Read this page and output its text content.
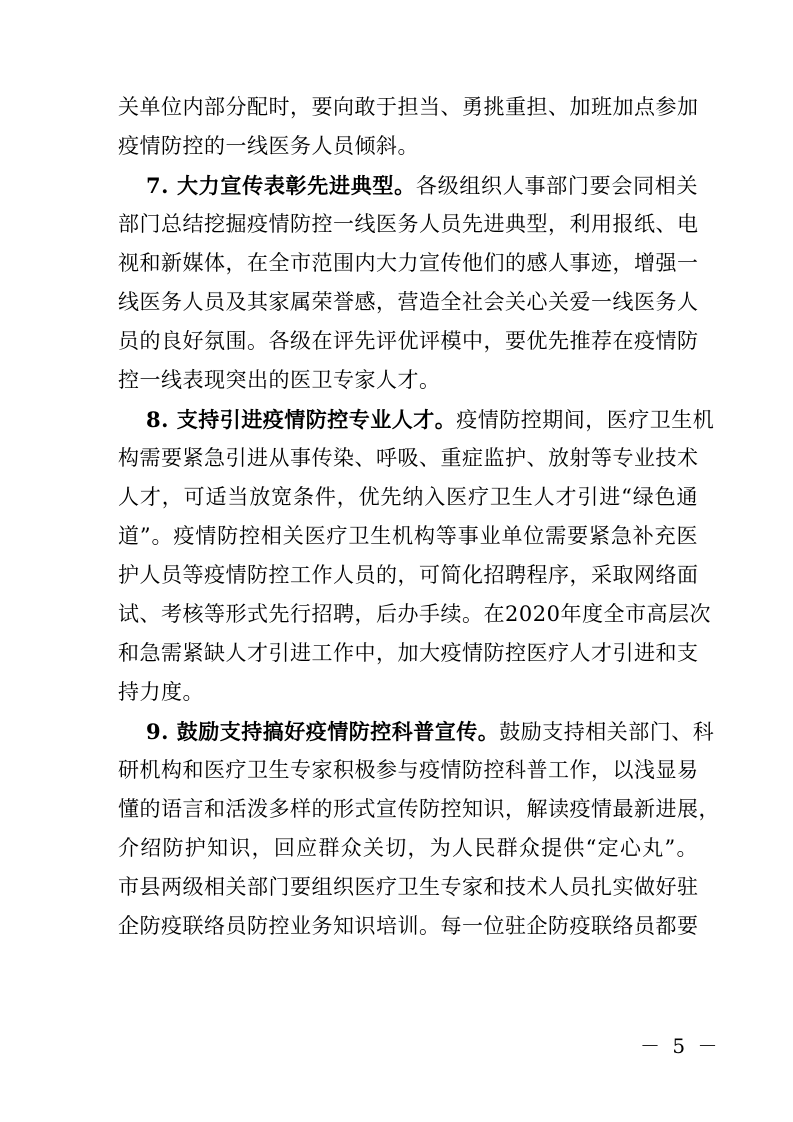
关单位内部分配时，要向敢于担当、勇挑重担、加班加点参加
疫情防控的一线医务人员倾斜。
7. 大力宣传表彰先进典型。各级组织人事部门要会同相关
部门总结挖掘疫情防控一线医务人员先进典型，利用报纸、电
视和新媒体，在全市范围内大力宣传他们的感人事迹，增强一
线医务人员及其家属荣誉感，营造全社会关心关爱一线医务人
员的良好氛围。各级在评先评优评模中，要优先推荐在疫情防
控一线表现突出的医卫专家人才。
8. 支持引进疫情防控专业人才。疫情防控期间，医疗卫生机
构需要紧急引进从事传染、呼吸、重症监护、放射等专业技术
人才，可适当放宽条件，优先纳入医疗卫生人才引进“绿色通
道”。疫情防控相关医疗卫生机构等事业单位需要紧急补充医
护人员等疫情防控工作人员的，可简化招聘程序，采取网络面
试、考核等形式先行招聘，后办手续。在2020年度全市高层次
和急需紧缺人才引进工作中，加大疫情防控医疗人才引进和支
持力度。
9. 鼓励支持搞好疫情防控科普宣传。鼓励支持相关部门、科
研机构和医疗卫生专家积极参与疫情防控科普工作，以浅显易
懂的语言和活泼多样的形式宣传防控知识，解读疫情最新进展，
介绍防护知识，回应群众关切，为人民群众提供“定心丸”。
市县两级相关部门要组织医疗卫生专家和技术人员扎实做好驻
企防疫联络员防控业务知识培训。每一位驻企防疫联络员都要
－ 5 －
